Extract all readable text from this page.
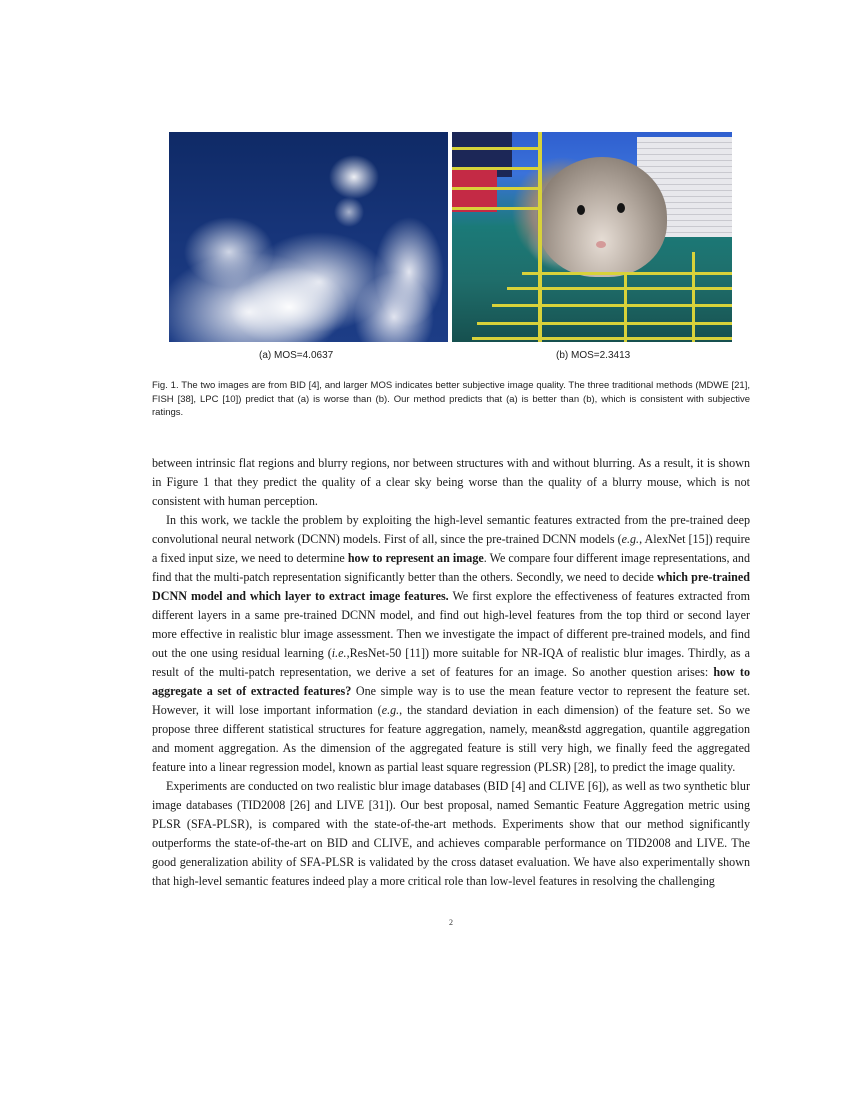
(a) MOS=4.0637	(b) MOS=2.3413
Fig. 1. The two images are from BID [4], and larger MOS indicates better subjective image quality. The three traditional methods (MDWE [21], FISH [38], LPC [10]) predict that (a) is worse than (b). Our method predicts that (a) is better than (b), which is consistent with subjective ratings.

between intrinsic flat regions and blurry regions, nor between structures with and without blurring. As a result, it is shown in Figure 1 that they predict the quality of a clear sky being worse than the quality of a blurry mouse, which is not consistent with human perception.

In this work, we tackle the problem by exploiting the high-level semantic features extracted from the pre-trained deep convolutional neural network (DCNN) models. First of all, since the pre-trained DCNN models (e.g., AlexNet [15]) require a fixed input size, we need to determine how to represent an image. We compare four different image representations, and find that the multi-patch representation significantly better than the others. Secondly, we need to decide which pre-trained DCNN model and which layer to extract image features. We first explore the effectiveness of features extracted from different layers in a same pre-trained DCNN model, and find out high-level features from the top third or second layer more effective in realistic blur image assessment. Then we investigate the impact of different pre-trained models, and find out the one using residual learning (i.e.,ResNet-50 [11]) more suitable for NR-IQA of realistic blur images. Thirdly, as a result of the multi-patch representation, we derive a set of features for an image. So another question arises: how to aggregate a set of extracted features? One simple way is to use the mean feature vector to represent the feature set. However, it will lose important information (e.g., the standard deviation in each dimension) of the feature set. So we propose three different statistical structures for feature aggregation, namely, mean&std aggregation, quantile aggregation and moment aggregation. As the dimension of the aggregated feature is still very high, we finally feed the aggregated feature into a linear regression model, known as partial least square regression (PLSR) [28], to predict the image quality.

Experiments are conducted on two realistic blur image databases (BID [4] and CLIVE [6]), as well as two synthetic blur image databases (TID2008 [26] and LIVE [31]). Our best proposal, named Semantic Feature Aggregation metric using PLSR (SFA-PLSR), is compared with the state-of-the-art methods. Experiments show that our method significantly outperforms the state-of-the-art on BID and CLIVE, and achieves comparable performance on TID2008 and LIVE. The good generalization ability of SFA-PLSR is validated by the cross dataset evaluation. We have also experimentally shown that high-level semantic features indeed play a more critical role than low-level features in resolving the challenging

2
